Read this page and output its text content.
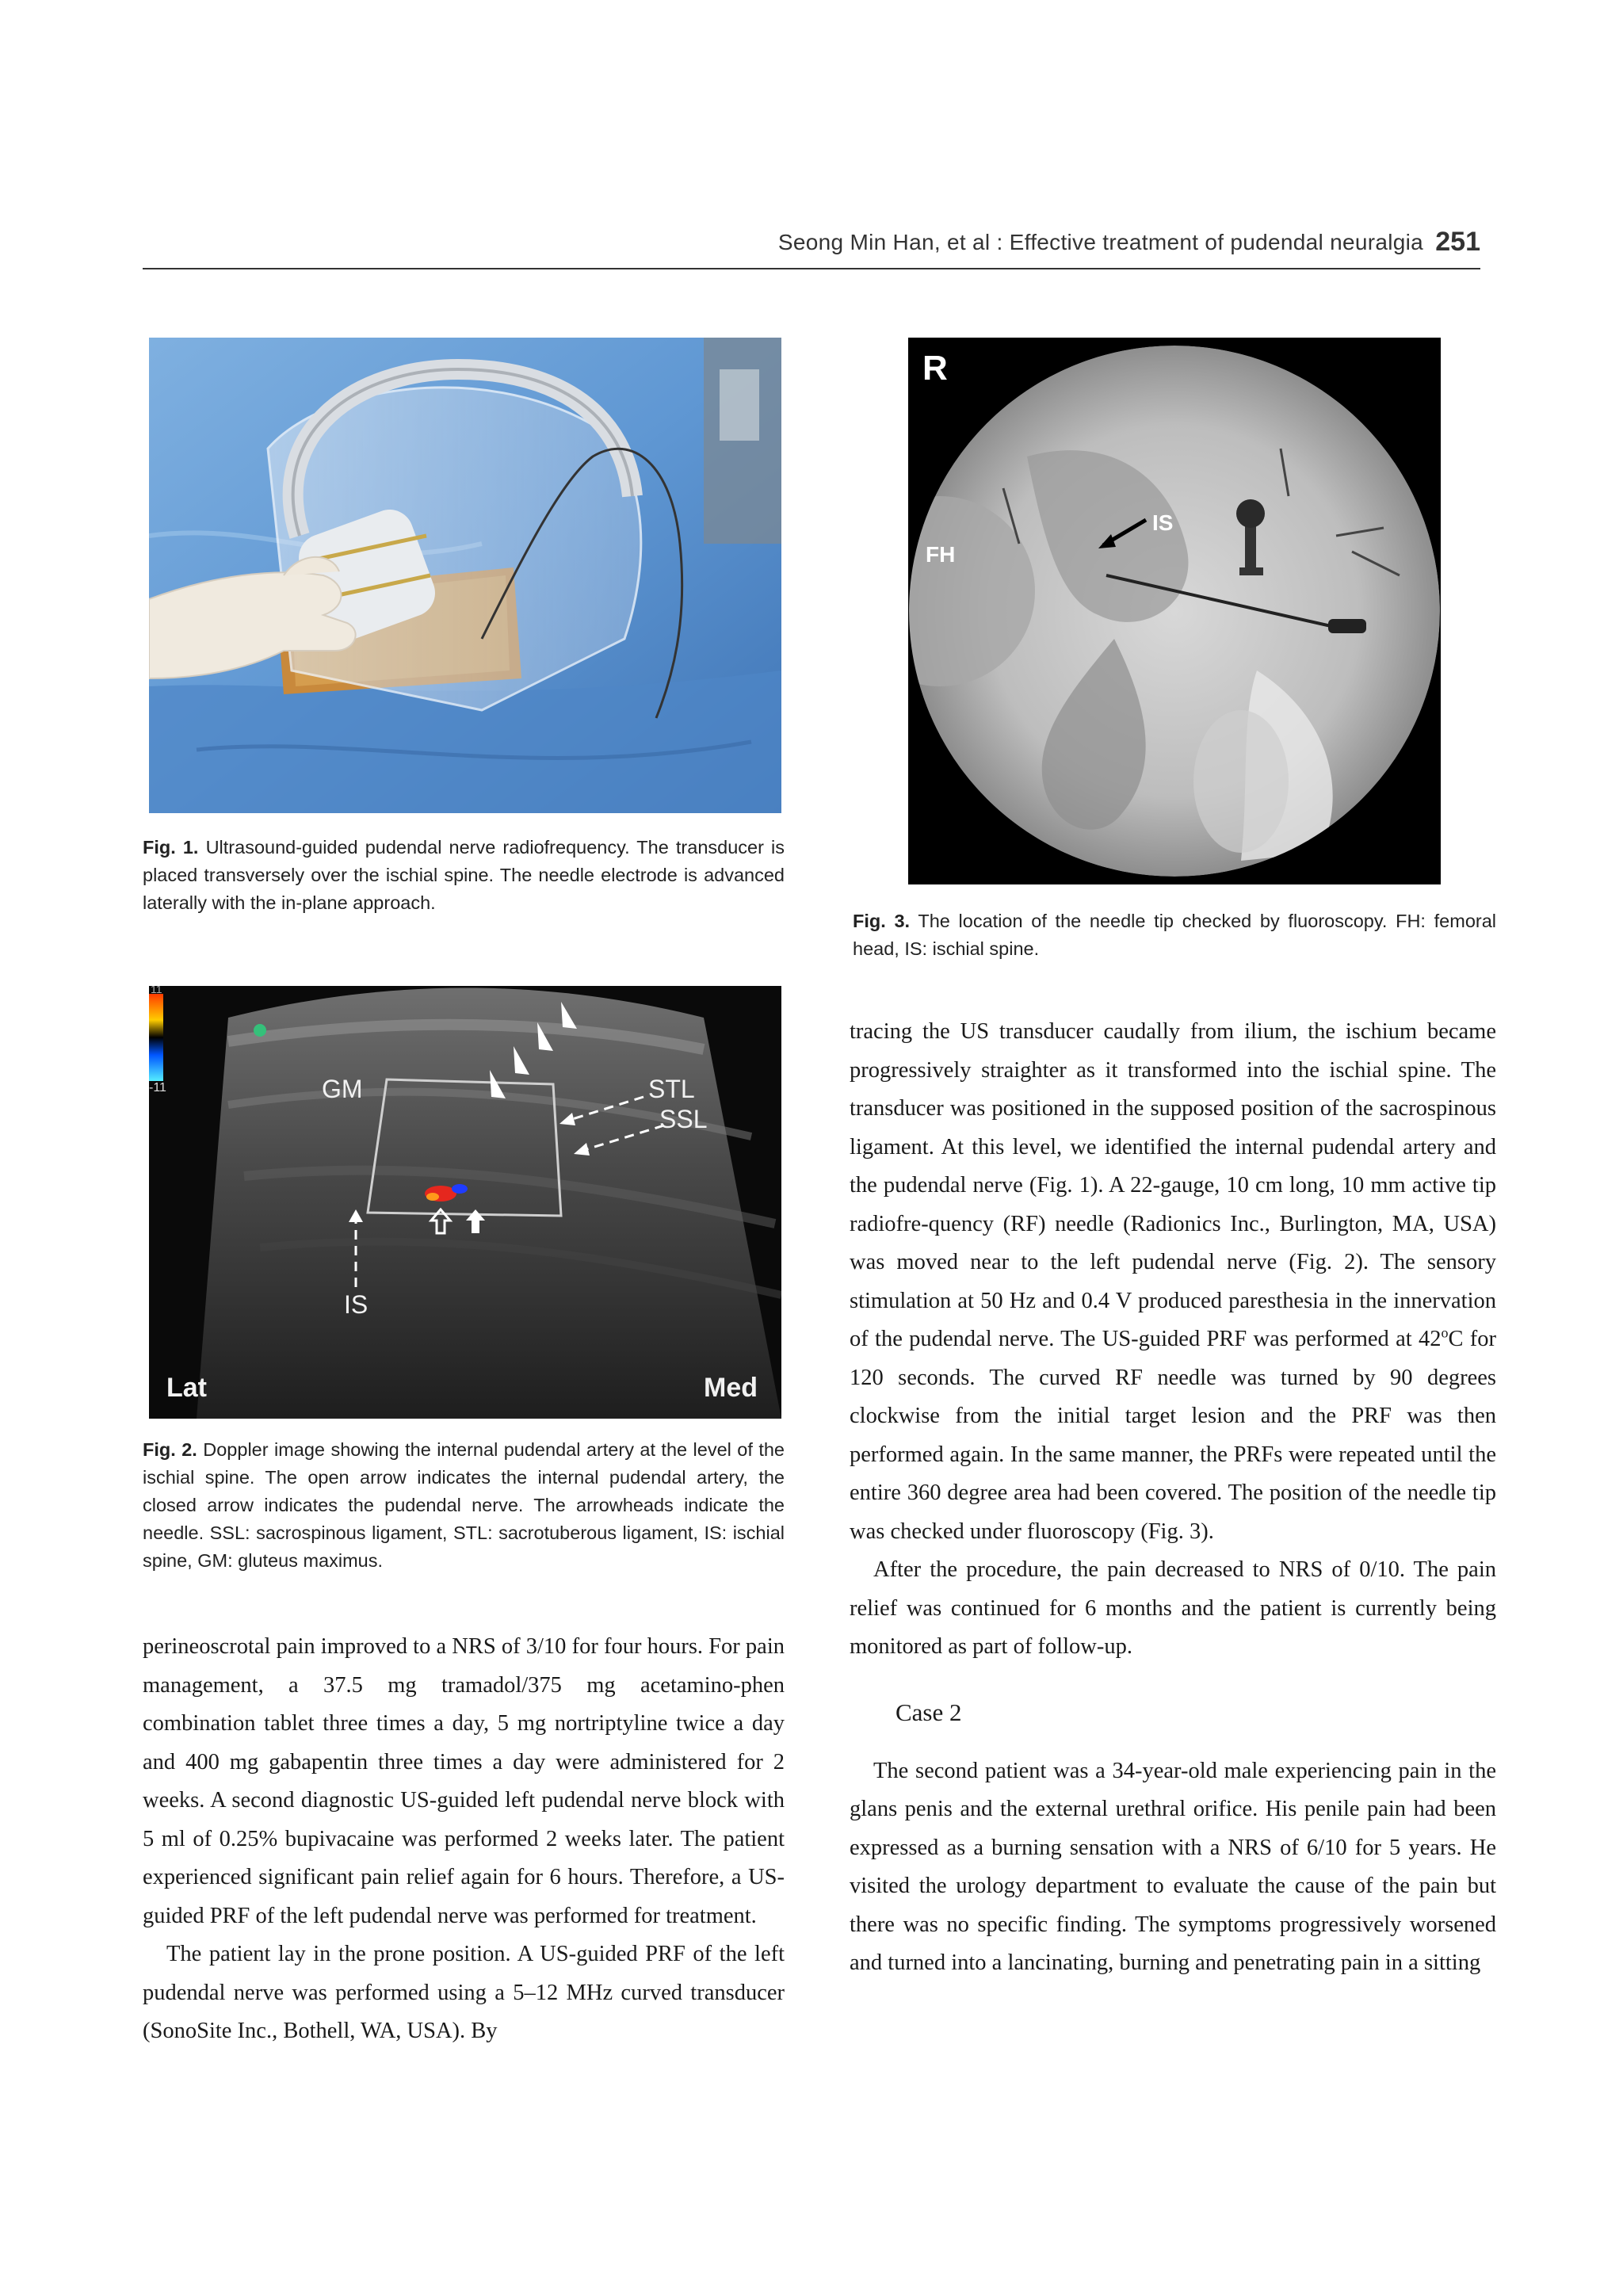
Seong Min Han, et al : Effective treatment of pudendal neuralgia 251
Fig. 1. Ultrasound-guided pudendal nerve radiofrequency. The transducer is placed transversely over the ischial spine. The needle electrode is advanced laterally with the in-plane approach.
R
FH
IS
Fig. 3. The location of the needle tip checked by fluoroscopy. FH: femoral head, IS: ischial spine.
11
-11	GM	STL
SSL
IS
Lat	Med
Fig. 2. Doppler image showing the internal pudendal artery at the level of the ischial spine. The open arrow indicates the internal pudendal artery, the closed arrow indicates the pudendal nerve. The arrowheads indicate the needle. SSL: sacrospinous ligament, STL: sacrotuberous ligament, IS: ischial spine, GM: gluteus maximus.

perineoscrotal pain improved to a NRS of 3/10 for four hours. For pain management, a 37.5 mg tramadol/375 mg acetamino-phen combination tablet three times a day, 5 mg nortriptyline twice a day and 400 mg gabapentin three times a day were administered for 2 weeks. A second diagnostic US-guided left pudendal nerve block with 5 ml of 0.25% bupivacaine was performed 2 weeks later. The patient experienced significant pain relief again for 6 hours. Therefore, a US-guided PRF of the left pudendal nerve was performed for treatment.

The patient lay in the prone position. A US-guided PRF of the left pudendal nerve was performed using a 5–12 MHz curved transducer (SonoSite Inc., Bothell, WA, USA). By

tracing the US transducer caudally from ilium, the ischium became progressively straighter as it transformed into the ischial spine. The transducer was positioned in the supposed position of the sacrospinous ligament. At this level, we identified the internal pudendal artery and the pudendal nerve (Fig. 1). A 22-gauge, 10 cm long, 10 mm active tip radiofre-quency (RF) needle (Radionics Inc., Burlington, MA, USA) was moved near to the left pudendal nerve (Fig. 2). The sensory stimulation at 50 Hz and 0.4 V produced paresthesia in the innervation of the pudendal nerve. The US-guided PRF was performed at 42$^o$C for 120 seconds. The curved RF needle was turned by 90 degrees clockwise from the initial target lesion and the PRF was then performed again. In the same manner, the PRFs were repeated until the entire 360 degree area had been covered. The position of the needle tip was checked under fluoroscopy (Fig. 3).

After the procedure, the pain decreased to NRS of 0/10. The pain relief was continued for 6 months and the patient is currently being monitored as part of follow-up.

Case 2

The second patient was a 34-year-old male experiencing pain in the glans penis and the external urethral orifice. His penile pain had been expressed as a burning sensation with a NRS of 6/10 for 5 years. He visited the urology department to evaluate the cause of the pain but there was no specific finding. The symptoms progressively worsened and turned into a lancinating, burning and penetrating pain in a sitting
